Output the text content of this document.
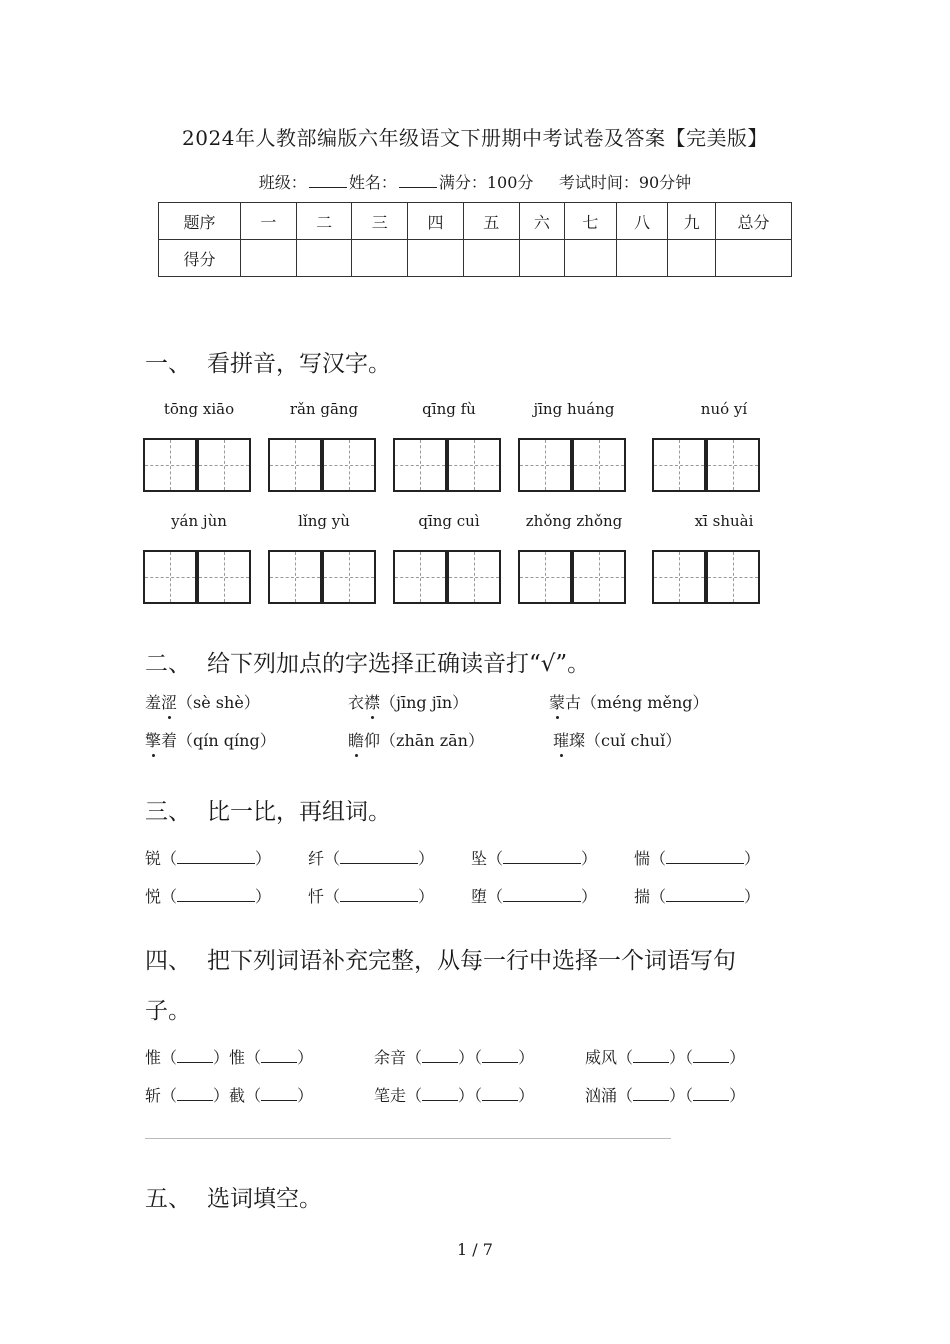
2024年人教部编版六年级语文下册期中考试卷及答案【完美版】
班级：	姓名：	满分：100分 考试时间：90分钟
题序	一	二	三	四	五	六	七	八	九	总分
得分										
一、 看拼音，写汉字。
tōng xiāo	rǎn gāng	qīng fù	jīng huáng	nuó yí
yán jùn	lǐng yù	qīng cuì	zhǒng zhǒng	xī shuài
二、 给下列加点的字选择正确读音打“√”。
羞涩（sè shè）	衣襟（jīng jīn）	蒙古（méng měng）
擎着（qín qíng）	瞻仰（zhān zān）	璀璨（cuǐ chuǐ）
三、 比一比，再组词。
锐（	） 纤（	） 坠（	） 惴（	）
悦（	） 忏（	） 堕（	） 揣（	）
四、 把下列词语补充完整，从每一行中选择一个词语写句
子。
惟（ ）惟（ ）	余音（ ）（ ）	威风（ ）（ ）
斩（ ）截（ ）	笔走（ ）（ ）	汹涌（ ）（ ）
五、 选词填空。
1 / 7
